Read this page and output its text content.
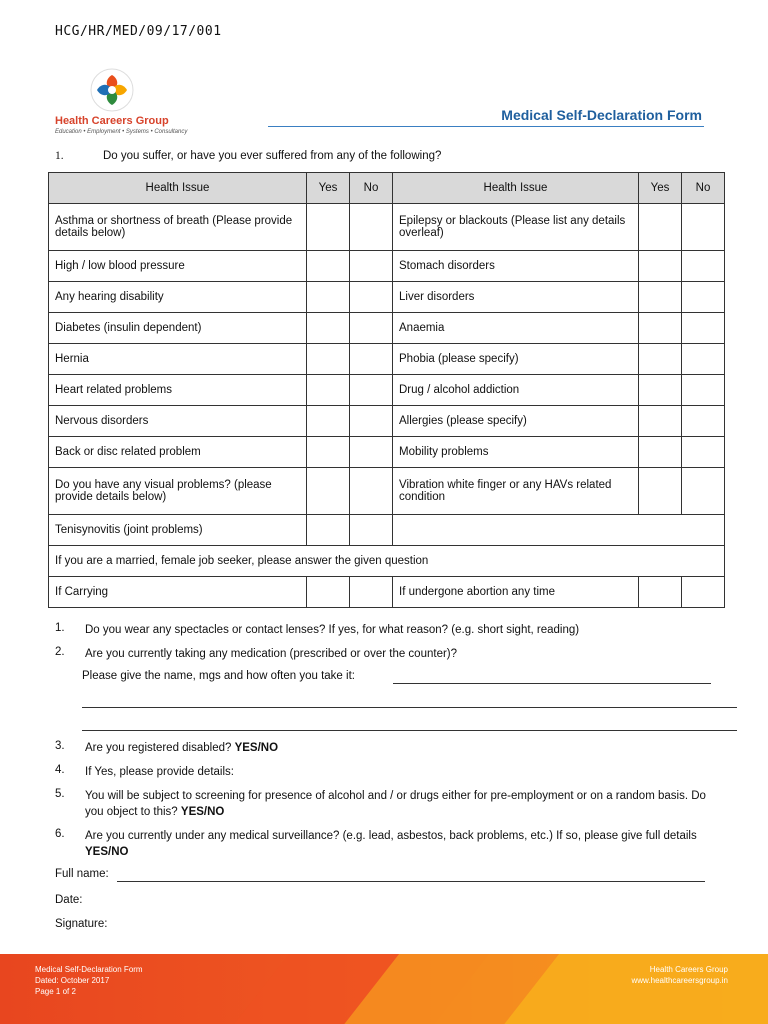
HCG/HR/MED/09/17/001
Health Careers Group
Education • Employment • Systems • Consultancy
Medical Self-Declaration Form
1.	Do you suffer, or have you ever suffered from any of the following?
Health Issue	Yes	No	Health Issue	Yes	No
Asthma or shortness of breath (Please provide details below)			Epilepsy or blackouts (Please list any details overleaf)		
High / low blood pressure			Stomach disorders		
Any hearing disability			Liver disorders		
Diabetes (insulin dependent)			Anaemia		
Hernia			Phobia (please specify)		
Heart related problems			Drug / alcohol addiction		
Nervous disorders			Allergies (please specify)		
Back or disc related problem			Mobility problems		
Do you have any visual problems? (please provide details below)			Vibration white finger or any HAVs related condition		
Tenisynovitis (joint problems)					
If you are a married, female job seeker, please answer the given question					
If Carrying			If undergone abortion any time		
1. Do you wear any spectacles or contact lenses? If yes, for what reason? (e.g. short sight, reading)
2. Are you currently taking any medication (prescribed or over the counter)?
Please give the name, mgs and how often you take it:
3. Are you registered disabled? YES/NO
4. If Yes, please provide details:
5. You will be subject to screening for presence of alcohol and / or drugs either for pre-employment or on a random basis. Do you object to this? YES/NO
6. Are you currently under any medical surveillance? (e.g. lead, asbestos, back problems, etc.) If so, please give full details YES/NO
Full name:
Date:
Signature:
Medical Self-Declaration Form
Dated: October 2017
Page 1 of 2
Health Careers Group
www.healthcareersgroup.in
